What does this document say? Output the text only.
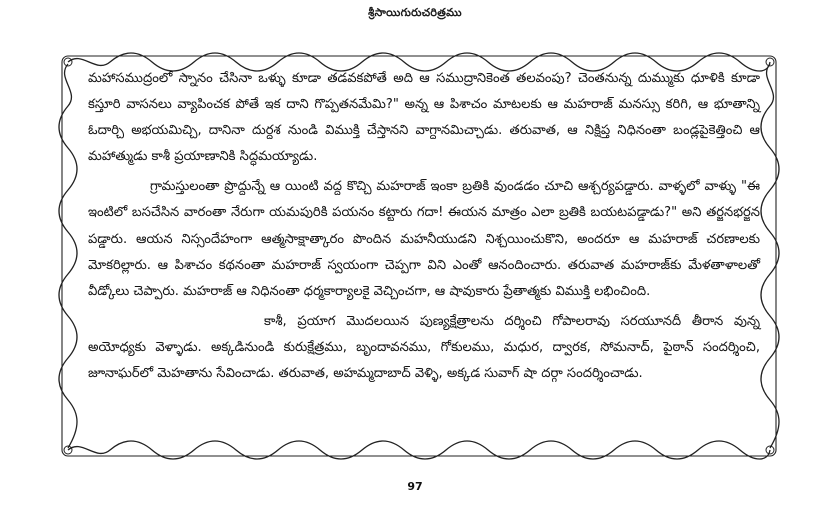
శ్రీసాయిగురుచరిత్రము

మహాసముద్రంలో స్నానం చేసినా ఒళ్ళు కూడా తడవకపోతే అది ఆ సముద్రానికెంత తలవంపు? చెంతనున్న దుమ్ముకు ధూళికి కూడా కస్తూరి వాసనలు వ్యాపించక పోతే ఇక దాని గొప్పతనమేమి?" అన్న ఆ పిశాచం మాటలకు ఆ మహరాజ్ మనస్సు కరిగి, ఆ భూతాన్ని ఓదార్చి అభయమిచ్చి, దానినా దుర్దశ నుండి విముక్తి చేస్తానని వాగ్దానమిచ్చాడు. తరువాత, ఆ నిక్షిప్త నిధినంతా బండ్లపైకెత్తించి ఆ మహాత్ముడు కాశీ ప్రయాణానికి సిద్ధమయ్యాడు.

గ్రామస్తులంతా ప్రొద్దున్నే ఆ యింటి వద్ద కొచ్చి మహరాజ్ ఇంకా బ్రతికి వుండడం చూచి ఆశ్చర్యపడ్డారు. వాళ్ళలో వాళ్ళు "ఈ ఇంటిలో బసచేసిన వారంతా నేరుగా యమపురికి పయనం కట్టారు గదా! ఈయన మాత్రం ఎలా బ్రతికి బయటపడ్డాడు?" అని తర్జనభర్జన పడ్డారు. ఆయన నిస్సందేహంగా ఆత్మసాక్షాత్కారం పొందిన మహనీయుడని నిశ్చయించుకొని, అందరూ ఆ మహరాజ్ చరణాలకు మోకరిల్లారు. ఆ పిశాచం కథనంతా మహరాజ్ స్వయంగా చెప్పగా విని ఎంతో ఆనందించారు. తరువాత మహరాజ్‌కు మేళతాళాలతో వీడ్కోలు చెప్పారు. మహరాజ్ ఆ నిధినంతా ధర్మకార్యాలకై వెచ్చించగా, ఆ షావుకారు ప్రేతాత్మకు విముక్తి లభించింది.

కాశీ, ప్రయాగ మొదలయిన పుణ్యక్షేత్రాలను దర్శించి గోపాలరావు సరయూనదీ తీరాన వున్న అయోధ్యకు వెళ్ళాడు. అక్కడినుండి కురుక్షేత్రము, బృందావనము, గోకులము, మధుర, ద్వారక, సోమనాద్, పైఠాన్ సందర్శించి, జూనాఘర్‌లో మెహతాను సేవించాడు. తరువాత, అహమ్మదాబాద్ వెళ్ళి, అక్కడ సువాగ్ షా దర్గా సందర్శించాడు.

97
